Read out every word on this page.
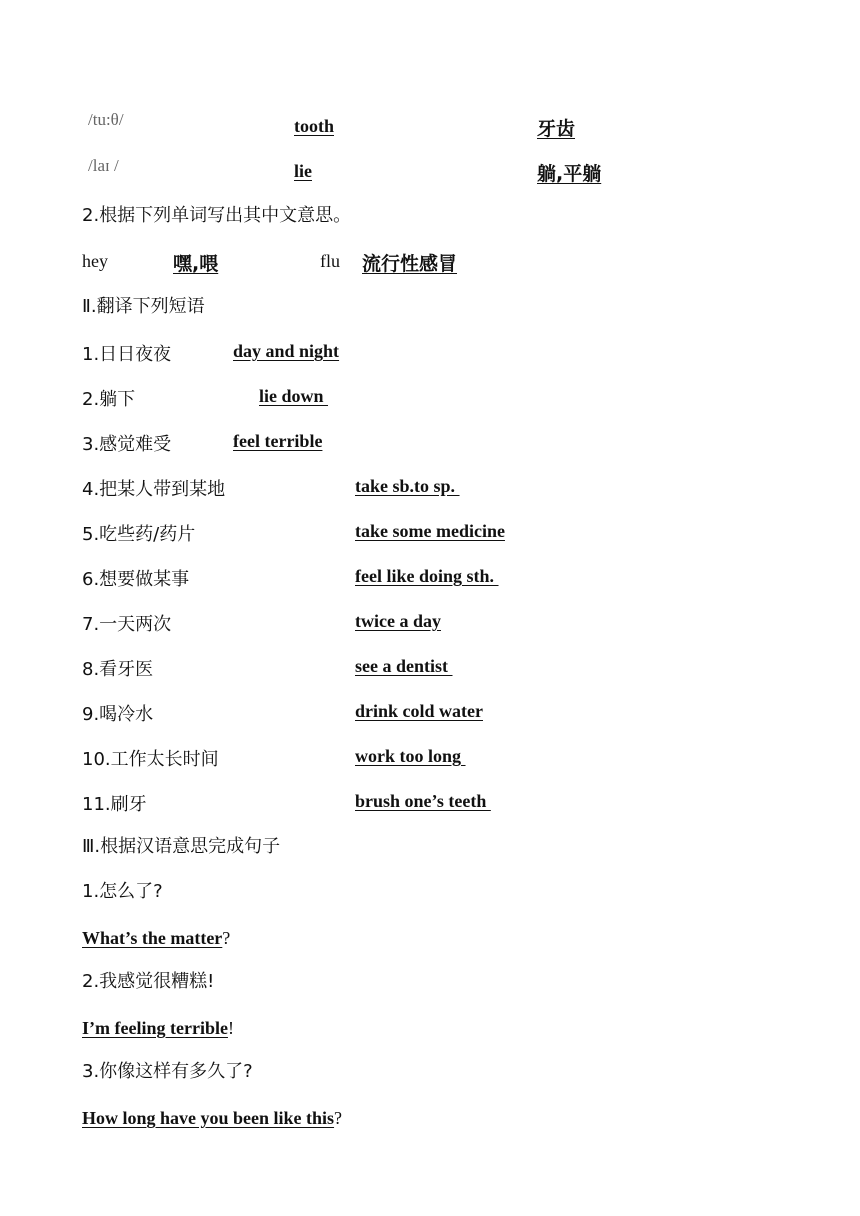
/tu:θ/	tooth	牙齿
/laɪ /	lie	躺,平躺
2.根据下列单词写出其中文意思。
hey	嘿,喂	flu 流行性感冒
Ⅱ.翻译下列短语
1.日日夜夜	day and night
2.躺下	lie down
3.感觉难受	feel terrible
4.把某人带到某地	take sb.to sp.
5.吃些药/药片	take some medicine
6.想要做某事	feel like doing sth.
7.一天两次	twice a day
8.看牙医	see a dentist
9.喝冷水	drink cold water
10.工作太长时间	work too long
11.刷牙	brush one’s teeth
Ⅲ.根据汉语意思完成句子
1.怎么了?
What’s the matter?
2.我感觉很糟糕!
I’m feeling terrible!
3.你像这样有多久了?
How long have you been like this?
